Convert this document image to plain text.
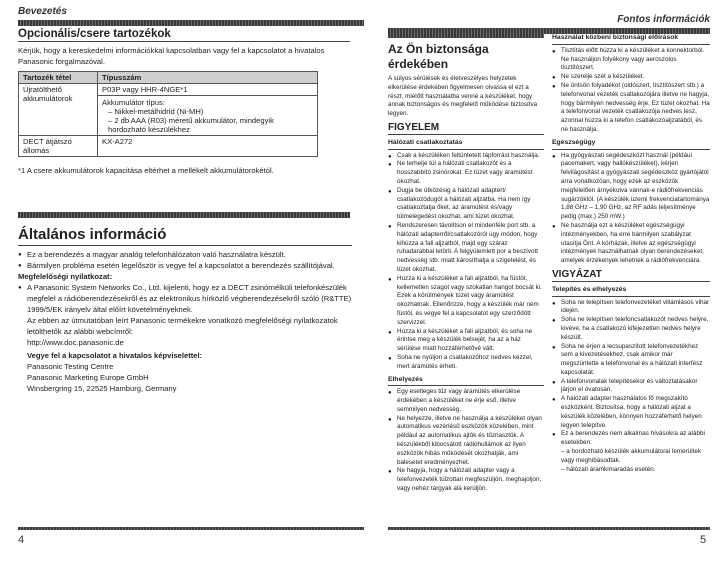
Bevezetés
Opcionális/csere tartozékok

Kérjük, hogy a kereskedelmi információkkal kapcsolatban vagy fel a kapcsolatot a hivatalos Panasonic forgalmazóval.

Tartozék tétel	Típusszám
Újratölthető akkumulátorok	P03P vagy HHR-4NGE*1
Akkumulátor típus:
– Nikkel-metálhidrid (Ni-MH)
– 2 db AAA (R03) méretű akkumulátor, mindegyik hordozható készülékhez

DECT átjátszó állomás	KX-A272

*1 A csere akkumulátorok kapacitása eltérhet a mellékelt akkumulátorokétól.

Általános információ

● Ez a berendezés a magyar analóg telefonhálózaton való használatra készült.
● Bármilyen probléma esetén legelőször is vegye fel a kapcsolatot a berendezés szállítójával.

Megfelelőségi nyilatkozat:

● A Panasonic System Networks Co., Ltd. kijelenti, hogy ez a DECT zsinórnélküli telefonkészülék megfelel a rádióberendezésekről és az elektronikus hírközlő végberendezésekről szóló (R&TTE) 1999/5/EK irányelv által előírt követelményeknek.

Az ebben az útmutatóban leírt Panasonic termékekre vonatkozó megfelelőségi nyilatkozatok letölthetők az alábbi webcímről:

http://www.doc.panasonic.de

Vegye fel a kapcsolatot a hivatalos képviselettel:

Panasonic Testing Centre

Panasonic Marketing Europe GmbH

Winsbergring 15, 22525 Hamburg, Germany

4
Fontos információk

Az Ön biztonsága

érdekében

A súlyos sérülések és életveszélyes helyzetek elkerülése érdekében figyelmesen olvassa el ezt a részt, mielőtt használatba venné a készüléket, hogy annak biztonságos és megfelelő működése biztosítva legyen.

FIGYELEM
Hálózati csatlakoztatás
● Csak a készüléken feltüntetett tápforrást használja.
● Ne terhelje túl a hálózati csatlakozót és a hosszabbító zsinórokat. Ez tüzet vagy áramütést okozhat.
● Dugja be ütközésig a hálózati adaptert/ csatlakozódugót a hálózati aljzatba. Ha nem így csatlakoztatja őket, az áramütést és/vagy túlmelegedést okozhat, ami tüzet okozhat.
● Rendszeresen távolítson el mindenféle port stb. a hálózati adapterről/csatlakozóról úgy módon, hogy kihúzza a fali aljzatból, majd egy száraz ruhadarabbal letörli. A felgyülemlett por a beszívott nedvesség stb. miatt károsíthatja a szigetelést, és tüzet okozhat.
● Húzza ki a készüléket a fali aljzatból, ha füstöt, kellemetlen szagot vagy szokatlan hangot bocsát ki. Ezek a körülmények tüzet vagy áramütést okozhatnak. Ellenőrizze, hogy a készülék már nem füstöl, és vegye fel a kapcsolatot egy szerződött szervizzel.
● Húzza ki a készüléket a fali aljzatból, és soha ne érintse meg a készülék belsejét, ha az a ház sérülése miatt hozzáférhetővé vált.
● Soha ne nyúljon a csatlakozóhoz nedves kézzel, mert áramütés érheti.
Elhelyezés
● Egy esetleges tűz vagy áramütés elkerülése érdekében a készüléket ne érje eső, illetve semmilyen nedvesség.
● Ne helyezze, illetve ne használja a készüléket olyan automatikus vezérlésű eszközök közelében, mint például az automatikus ajtók és tűzriasztók. A készülékből kibocsátott rádióhullámok az ilyen eszközök hibás működését okozhatják, ami balesetet eredményezhet.
● Ne hagyja, hogy a hálózati adapter vagy a telefonvezeték túlzottan megfeszüljön, meghajoljon, vagy nehéz tárgyak alá kerüljön.
Használat közbeni biztonsági előírások
● Tisztítás előtt húzza ki a készüléket a konnektorból. Ne használjon folyékony vagy aeroszolos tisztítószert.
● Ne szerelje szét a készüléket.
● Ne öntsön folyadékot (oldószert, tisztítószert stb.) a telefonvonal vezeték csatlakozójára illetve ne hagyja, hogy bármilyen nedvesség érje. Ez tüzet okozhat. Ha a telefonvonal vezeték csatlakozója nedves lesz, azonnal húzza ki a telefon csatlakozóaljzatából, és ne használja.
Egészségügy
● Ha gyógyászati segédeszközt használ (például pacemakert, vagy hallókészüléket), kérjen felvilágosítást a gyógyászati segédeszköz gyártójától arra vonatkozóan, hogy ezek az eszközök megfelelően árnyékolva vannak-e rádiófrekvenciás sugárzóktól. (A készülék üzemi frekvenciatartománya 1,88 GHz – 1,90 GHz, az RF adás teljesítménye pedig (max.) 250 mW.)
● Ne használja ezt a készüléket egészségügyi intézményekben, ha erre bármilyen szabályzat utasítja Önt. A kórházak, illetve az egészségügyi intézmények használhatnak olyan berendezéseket, amelyek érzékenyek lehetnek a rádiófrekvenciára.
VIGYÁZAT
Telepítés és elhelyezés
● Soha ne telepítsen telefonvezetéket villámlásos vihar idején.
● Soha ne telepítsen telefoncsatlakozót nedves helyre, kivéve, ha a csatlakozó kifejezetten nedves helyre készült.
● Soha ne érjen a lecsupaszított telefonvezetékhez sem a kivezetésekhez, csak amikor már megszüntette a telefonvonal és a hálózati interfész kapcsolatát.
● A telefonvonalak telepítésekor és változtatásakor járjon el óvatosan.
● A hálózati adapter használatos fő megszakító eszközként. Biztosítsa, hogy a hálózati aljzat a készülék közelében, könnyen hozzáférhető helyen legyen telepítve.
● Ez a berendezés nem alkalmas hívásokra az alábbi esetekben:
– a hordozható készülék akkumulátorai lemerültek vagy meghibásodtak.
– hálózati áramkimaradás esetén.
5
